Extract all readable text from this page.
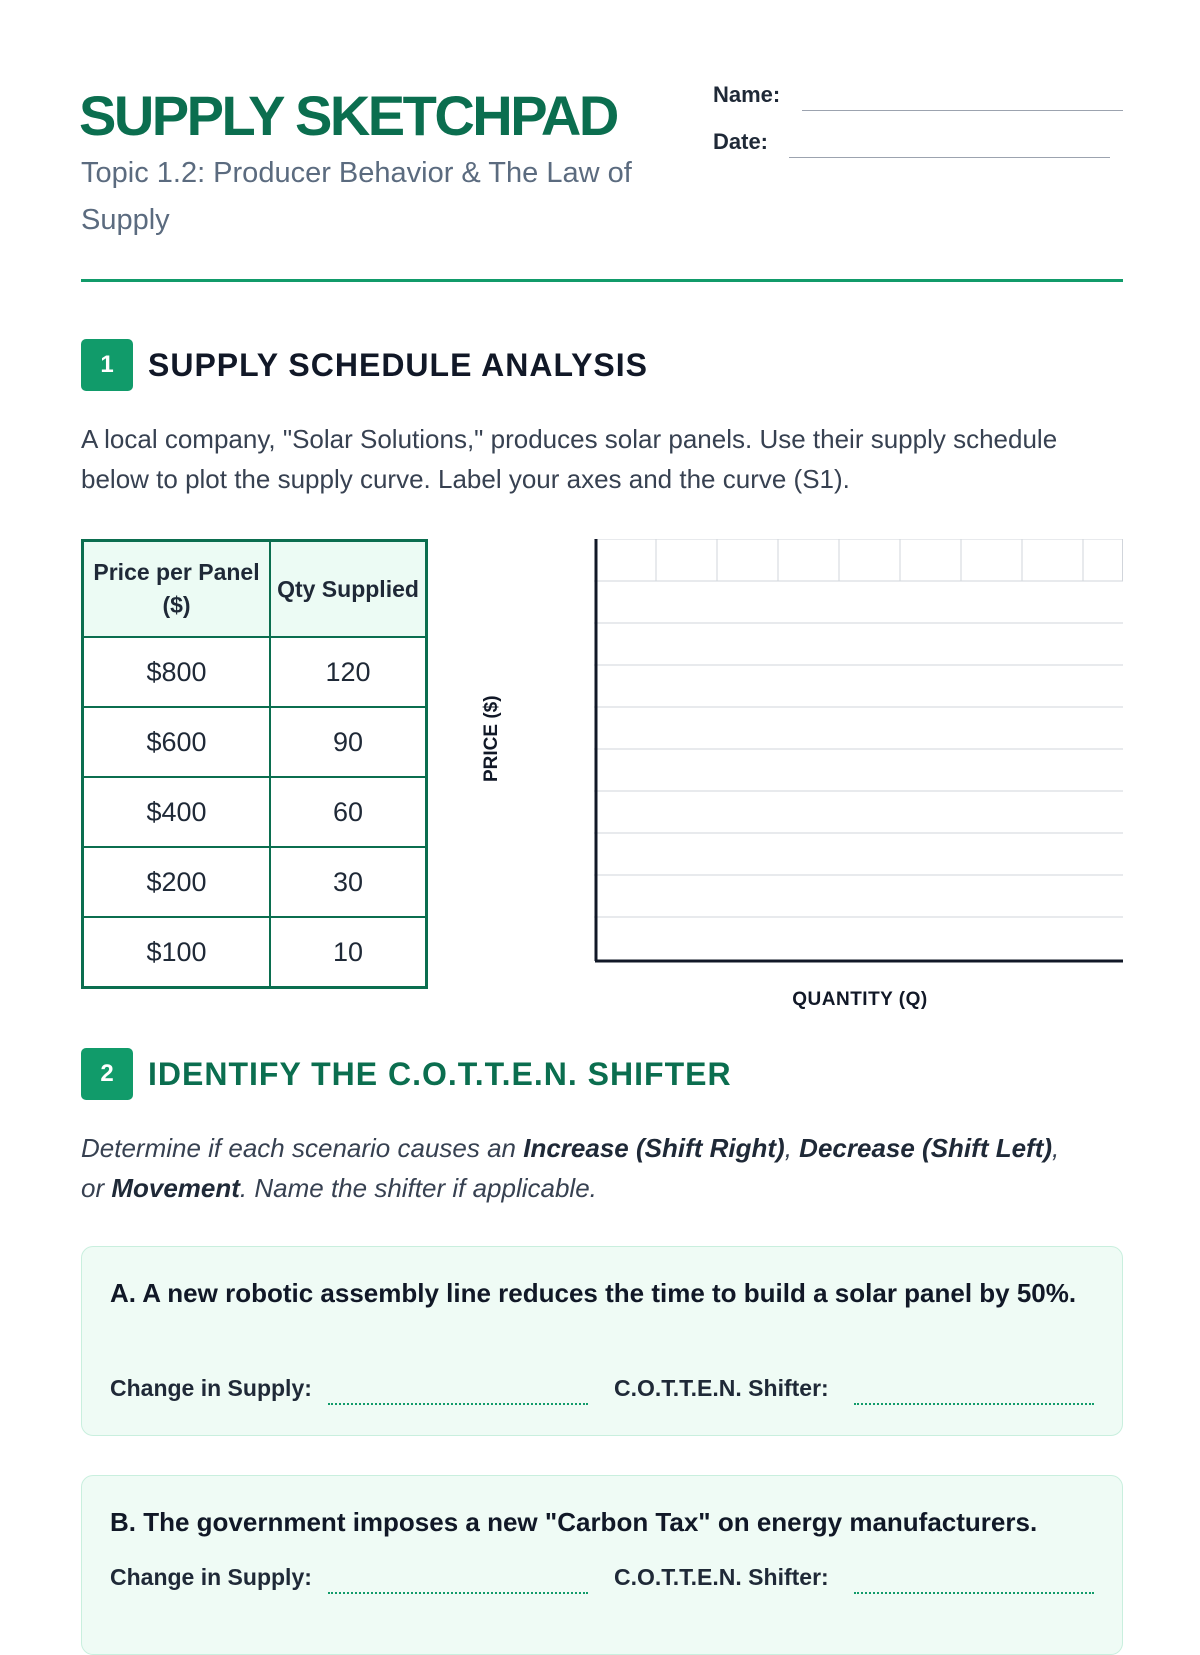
SUPPLY SKETCHPAD

Topic 1.2: Producer Behavior & The Law of Supply

Name:
Date:
1	SUPPLY SCHEDULE ANALYSIS

A local company, "Solar Solutions," produces solar panels. Use their supply schedule below to plot the supply curve. Label your axes and the curve (S1).

Price per Panel ($)	Qty Supplied
$800	120
$600	90
$400	60
$200	30
$100	10
PRICE ($)
QUANTITY (Q)
2	IDENTIFY THE C.O.T.T.E.N. SHIFTER

Determine if each scenario causes an Increase (Shift Right), Decrease (Shift Left), or Movement. Name the shifter if applicable.

A. A new robotic assembly line reduces the time to build a solar panel by 50%.

Change in Supply:	C.O.T.T.E.N. Shifter:

B. The government imposes a new "Carbon Tax" on energy manufacturers.

Change in Supply:	C.O.T.T.E.N. Shifter:
